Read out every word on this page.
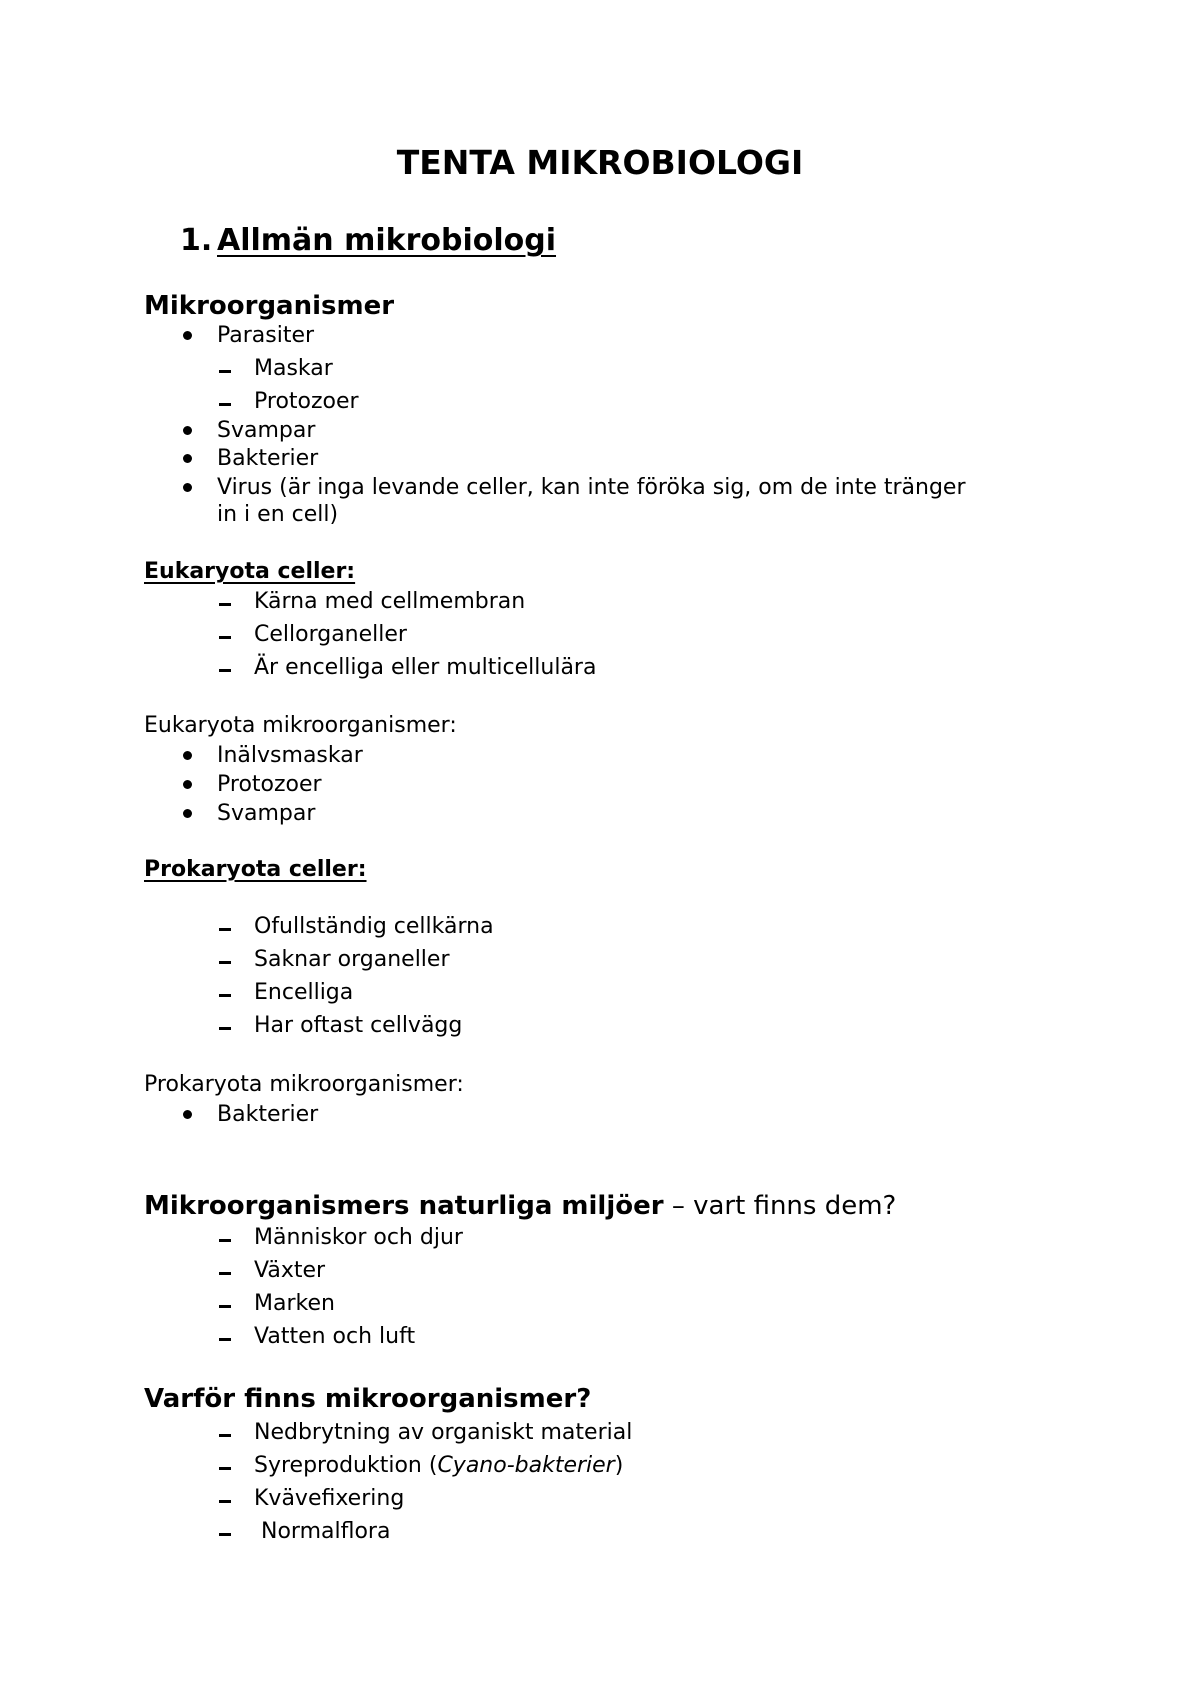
TENTA MIKROBIOLOGI
1. Allmän mikrobiologi
Mikroorganismer
Parasiter
Maskar
Protozoer
Svampar
Bakterier
Virus (är inga levande celler, kan inte föröka sig, om de inte tränger
in i en cell)
Eukaryota celler:
Kärna med cellmembran
Cellorganeller
Är encelliga eller multicellulära
Eukaryota mikroorganismer:
Inälvsmaskar
Protozoer
Svampar
Prokaryota celler:
Ofullständig cellkärna
Saknar organeller
Encelliga
Har oftast cellvägg
Prokaryota mikroorganismer:
Bakterier
Mikroorganismers naturliga miljöer – vart finns dem?
Människor och djur
Växter
Marken
Vatten och luft
Varför finns mikroorganismer?
Nedbrytning av organiskt material
Syreproduktion (Cyano-bakterier)
Kvävefixering
Normalflora
